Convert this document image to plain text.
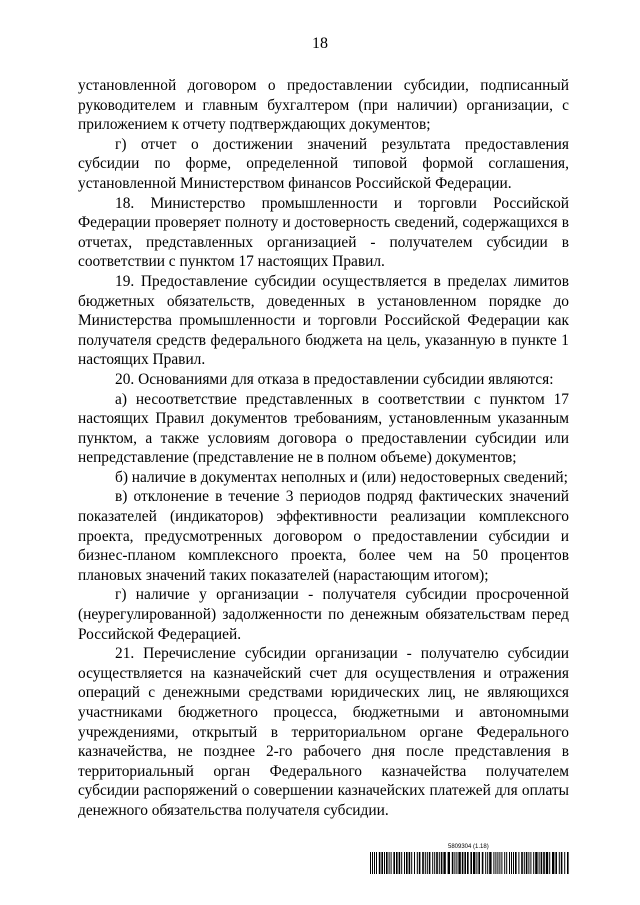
18

установленной договором о предоставлении субсидии, подписанный руководителем и главным бухгалтером (при наличии) организации, с приложением к отчету подтверждающих документов;

г) отчет о достижении значений результата предоставления субсидии по форме, определенной типовой формой соглашения, установленной Министерством финансов Российской Федерации.

18. Министерство промышленности и торговли Российской Федерации проверяет полноту и достоверность сведений, содержащихся в отчетах, представленных организацией - получателем субсидии в соответствии с пунктом 17 настоящих Правил.

19. Предоставление субсидии осуществляется в пределах лимитов бюджетных обязательств, доведенных в установленном порядке до Министерства промышленности и торговли Российской Федерации как получателя средств федерального бюджета на цель, указанную в пункте 1 настоящих Правил.

20. Основаниями для отказа в предоставлении субсидии являются:

а) несоответствие представленных в соответствии с пунктом 17 настоящих Правил документов требованиям, установленным указанным пунктом, а также условиям договора о предоставлении субсидии или непредставление (представление не в полном объеме) документов;

б) наличие в документах неполных и (или) недостоверных сведений;

в) отклонение в течение 3 периодов подряд фактических значений показателей (индикаторов) эффективности реализации комплексного проекта, предусмотренных договором о предоставлении субсидии и бизнес-планом комплексного проекта, более чем на 50 процентов плановых значений таких показателей (нарастающим итогом);

г) наличие у организации - получателя субсидии просроченной (неурегулированной) задолженности по денежным обязательствам перед Российской Федерацией.

21. Перечисление субсидии организации - получателю субсидии осуществляется на казначейский счет для осуществления и отражения операций с денежными средствами юридических лиц, не являющихся участниками бюджетного процесса, бюджетными и автономными учреждениями, открытый в территориальном органе Федерального казначейства, не позднее 2-го рабочего дня после представления в территориальный орган Федерального казначейства получателем субсидии распоряжений о совершении казначейских платежей для оплаты денежного обязательства получателя субсидии.

5809304 (1.18)
